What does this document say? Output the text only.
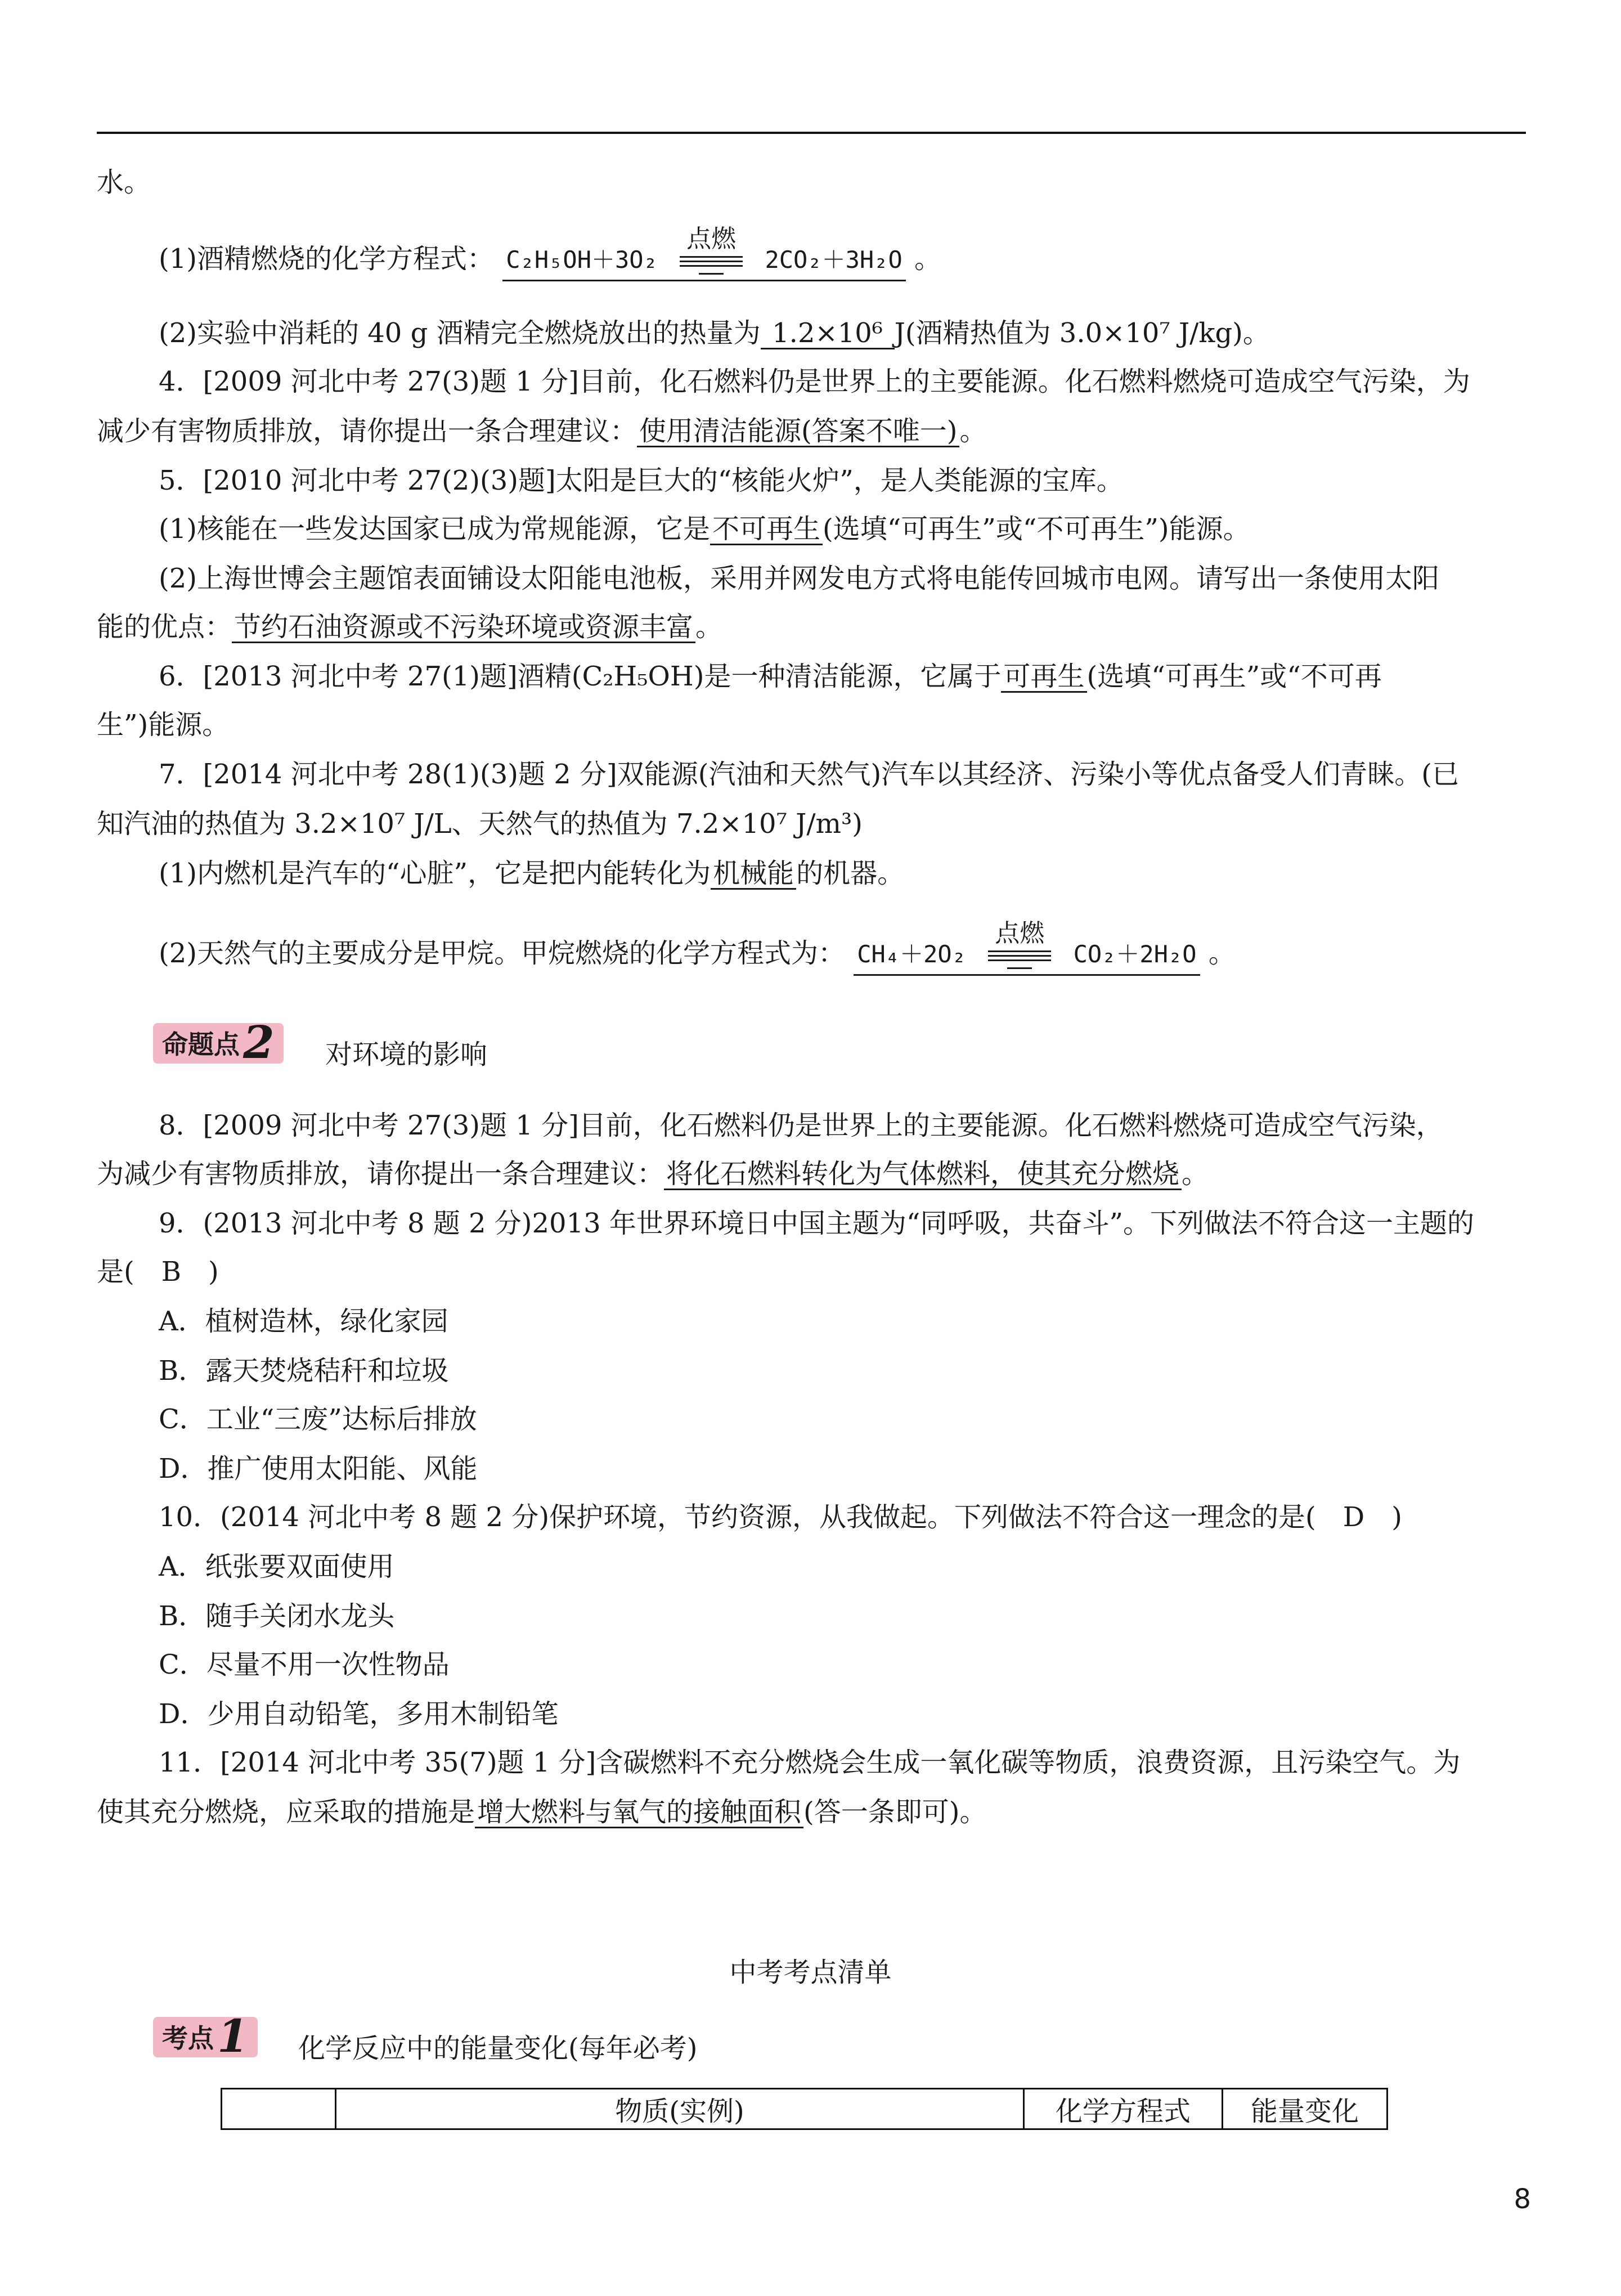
水。
(1)酒精燃烧的化学方程式： C₂H₅OH＋3O₂
点燃
2CO₂＋3H₂O 。
(2)实验中消耗的 40 g 酒精完全燃烧放出的热量为 1.2×10⁶ J(酒精热值为 3.0×10⁷ J/kg)。
4．[2009 河北中考 27(3)题 1 分]目前，化石燃料仍是世界上的主要能源。化石燃料燃烧可造成空气污染，为
减少有害物质排放，请你提出一条合理建议：使用清洁能源(答案不唯一)。
5．[2010 河北中考 27(2)(3)题]太阳是巨大的“核能火炉”，是人类能源的宝库。
(1)核能在一些发达国家已成为常规能源，它是不可再生(选填“可再生”或“不可再生”)能源。
(2)上海世博会主题馆表面铺设太阳能电池板，采用并网发电方式将电能传回城市电网。请写出一条使用太阳
能的优点：节约石油资源或不污染环境或资源丰富。
6．[2013 河北中考 27(1)题]酒精(C₂H₅OH)是一种清洁能源，它属于可再生(选填“可再生”或“不可再
生”)能源。
7．[2014 河北中考 28(1)(3)题 2 分]双能源(汽油和天然气)汽车以其经济、污染小等优点备受人们青睐。(已
知汽油的热值为 3.2×10⁷ J/L、天然气的热值为 7.2×10⁷ J/m³)
(1)内燃机是汽车的“心脏”，它是把内能转化为机械能的机器。
(2)天然气的主要成分是甲烷。甲烷燃烧的化学方程式为： CH₄＋2O₂
点燃
CO₂＋2H₂O 。
命题点2	对环境的影响
8．[2009 河北中考 27(3)题 1 分]目前，化石燃料仍是世界上的主要能源。化石燃料燃烧可造成空气污染，
为减少有害物质排放，请你提出一条合理建议：将化石燃料转化为气体燃料，使其充分燃烧。
9．(2013 河北中考 8 题 2 分)2013 年世界环境日中国主题为“同呼吸，共奋斗”。下列做法不符合这一主题的
是(　B　)
A．植树造林，绿化家园
B．露天焚烧秸秆和垃圾
C．工业“三废”达标后排放
D．推广使用太阳能、风能
10．(2014 河北中考 8 题 2 分)保护环境，节约资源，从我做起。下列做法不符合这一理念的是(　D　)
A．纸张要双面使用
B．随手关闭水龙头
C．尽量不用一次性物品
D．少用自动铅笔，多用木制铅笔
11．[2014 河北中考 35(7)题 1 分]含碳燃料不充分燃烧会生成一氧化碳等物质，浪费资源，且污染空气。为
使其充分燃烧，应采取的措施是增大燃料与氧气的接触面积(答一条即可)。
中考考点清单
考点1	化学反应中的能量变化(每年必考)
	物质(实例)	化学方程式	能量变化
8
